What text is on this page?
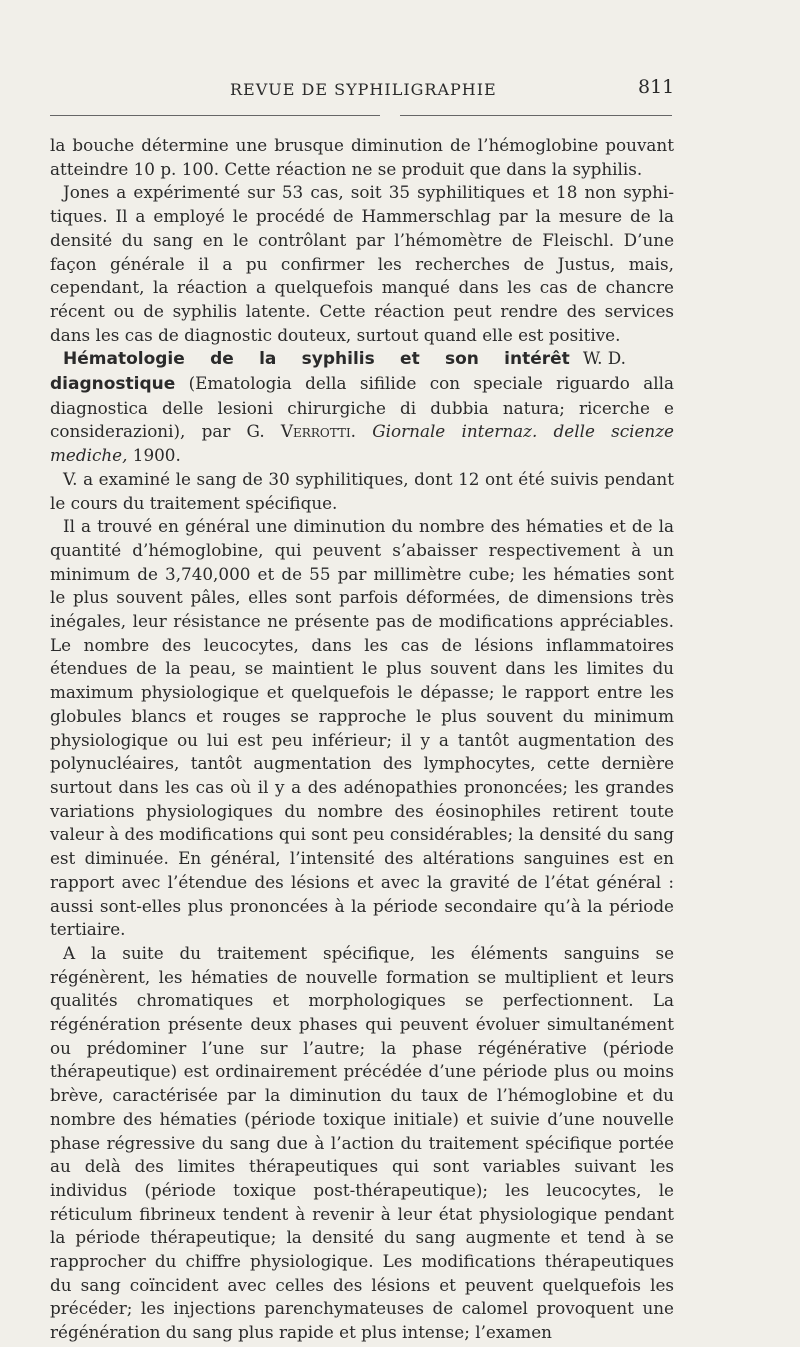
REVUE DE SYPHILIGRAPHIE	811

la bouche détermine une brusque diminution de l’hémoglobine pouvant atteindre 10 p. 100. Cette réaction ne se produit que dans la syphilis.

Jones a expérimenté sur 53 cas, soit 35 syphilitiques et 18 non syphitiques. Il a employé le procédé de Hammerschlag par la mesure de la densité du sang en le contrôlant par l’hémomètre de Fleischl. D’une façon générale il a pu confirmer les recherches de Justus, mais, cependant, la réaction a quelquefois manqué dans les cas de chancre récent ou de syphilis latente. Cette réaction peut rendre des services dans les cas de diagnostic douteux, surtout quand elle est positive.
W. D.

Hématologie de la syphilis et son intérêt diagnostique (Ematologia della sifilide con speciale riguardo alla diagnostica delle lesioni chirurgiche di dubbia natura; ricerche e considerazioni), par G. Verrotti. Giornale internaz. delle scienze mediche, 1900.

V. a examiné le sang de 30 syphilitiques, dont 12 ont été suivis pendant le cours du traitement spécifique.

Il a trouvé en général une diminution du nombre des hématies et de la quantité d’hémoglobine, qui peuvent s’abaisser respectivement à un minimum de 3,740,000 et de 55 par millimètre cube; les hématies sont le plus souvent pâles, elles sont parfois déformées, de dimensions très inégales, leur résistance ne présente pas de modifications appréciables. Le nombre des leucocytes, dans les cas de lésions inflammatoires étendues de la peau, se maintient le plus souvent dans les limites du maximum physiologique et quelquefois le dépasse; le rapport entre les globules blancs et rouges se rapproche le plus souvent du minimum physiologique ou lui est peu inférieur; il y a tantôt augmentation des polynucléaires, tantôt augmentation des lymphocytes, cette dernière surtout dans les cas où il y a des adénopathies prononcées; les grandes variations physiologiques du nombre des éosinophiles retirent toute valeur à des modifications qui sont peu considérables; la densité du sang est diminuée. En général, l’intensité des altérations sanguines est en rapport avec l’étendue des lésions et avec la gravité de l’état général : aussi sont-elles plus prononcées à la période secondaire qu’à la période tertiaire.

A la suite du traitement spécifique, les éléments sanguins se régénèrent, les hématies de nouvelle formation se multiplient et leurs qualités chromatiques et morphologiques se perfectionnent. La régénération présente deux phases qui peuvent évoluer simultanément ou prédominer l’une sur l’autre; la phase régénérative (période thérapeutique) est ordinairement précédée d’une période plus ou moins brève, caractérisée par la diminution du taux de l’hémoglobine et du nombre des hématies (période toxique initiale) et suivie d’une nouvelle phase régressive du sang due à l’action du traitement spécifique portée au delà des limites thérapeutiques qui sont variables suivant les individus (période toxique post-thérapeutique); les leucocytes, le réticulum fibrineux tendent à revenir à leur état physiologique pendant la période thérapeutique; la densité du sang augmente et tend à se rapprocher du chiffre physiologique. Les modifications thérapeutiques du sang coïncident avec celles des lésions et peuvent quelquefois les précéder; les injections parenchymateuses de calomel provoquent une régénération du sang plus rapide et plus intense; l’examen
